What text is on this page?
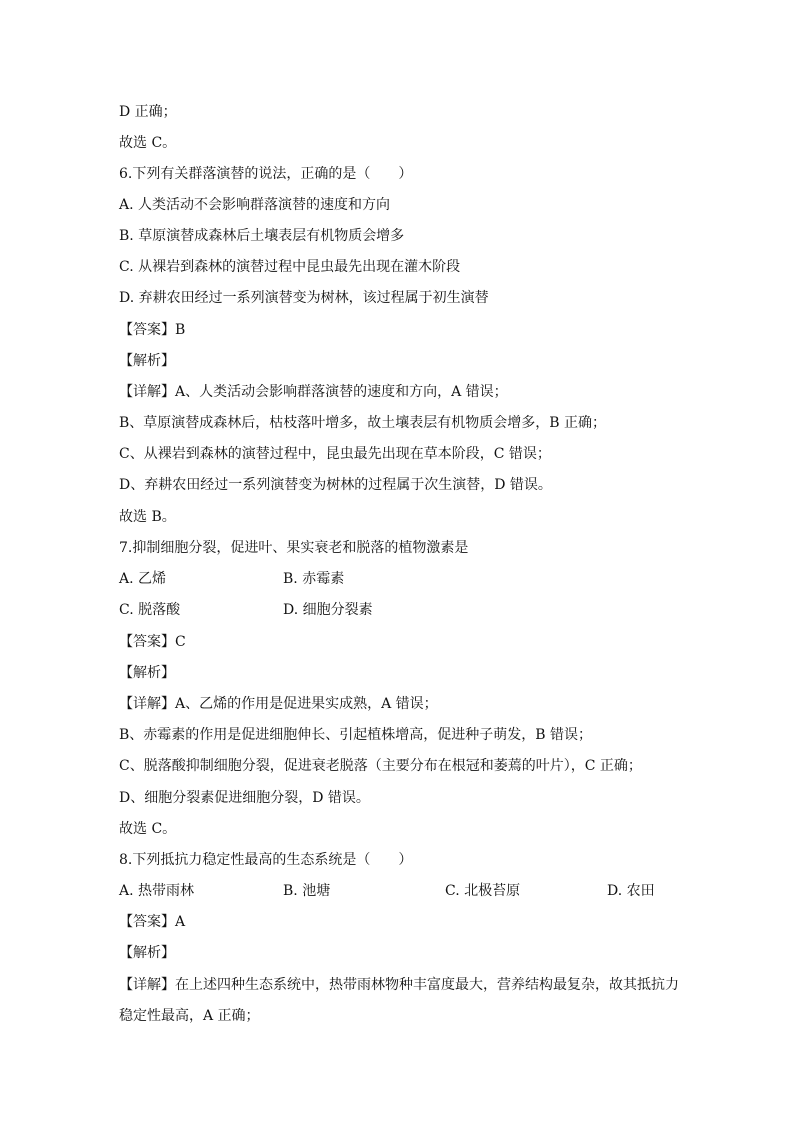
D 正确；
故选 C。
6.下列有关群落演替的说法，正确的是（　　）
A. 人类活动不会影响群落演替的速度和方向
B. 草原演替成森林后土壤表层有机物质会增多
C. 从裸岩到森林的演替过程中昆虫最先出现在灌木阶段
D. 弃耕农田经过一系列演替变为树林，该过程属于初生演替
【答案】B
【解析】
【详解】A、人类活动会影响群落演替的速度和方向，A 错误；
B、草原演替成森林后，枯枝落叶增多，故土壤表层有机物质会增多，B 正确；
C、从裸岩到森林的演替过程中，昆虫最先出现在草本阶段，C 错误；
D、弃耕农田经过一系列演替变为树林的过程属于次生演替，D 错误。
故选 B。
7.抑制细胞分裂，促进叶、果实衰老和脱落的植物激素是
A. 乙烯	B. 赤霉素
C. 脱落酸	D. 细胞分裂素
【答案】C
【解析】
【详解】A、乙烯的作用是促进果实成熟，A 错误；
B、赤霉素的作用是促进细胞伸长、引起植株增高，促进种子萌发，B 错误；
C、脱落酸抑制细胞分裂，促进衰老脱落（主要分布在根冠和萎蔫的叶片），C 正确；
D、细胞分裂素促进细胞分裂，D 错误。
故选 C。
8.下列抵抗力稳定性最高的生态系统是（　　）
A. 热带雨林	B. 池塘	C. 北极苔原	D. 农田
【答案】A
【解析】
【详解】在上述四种生态系统中，热带雨林物种丰富度最大，营养结构最复杂，故其抵抗力
稳定性最高，A 正确；
